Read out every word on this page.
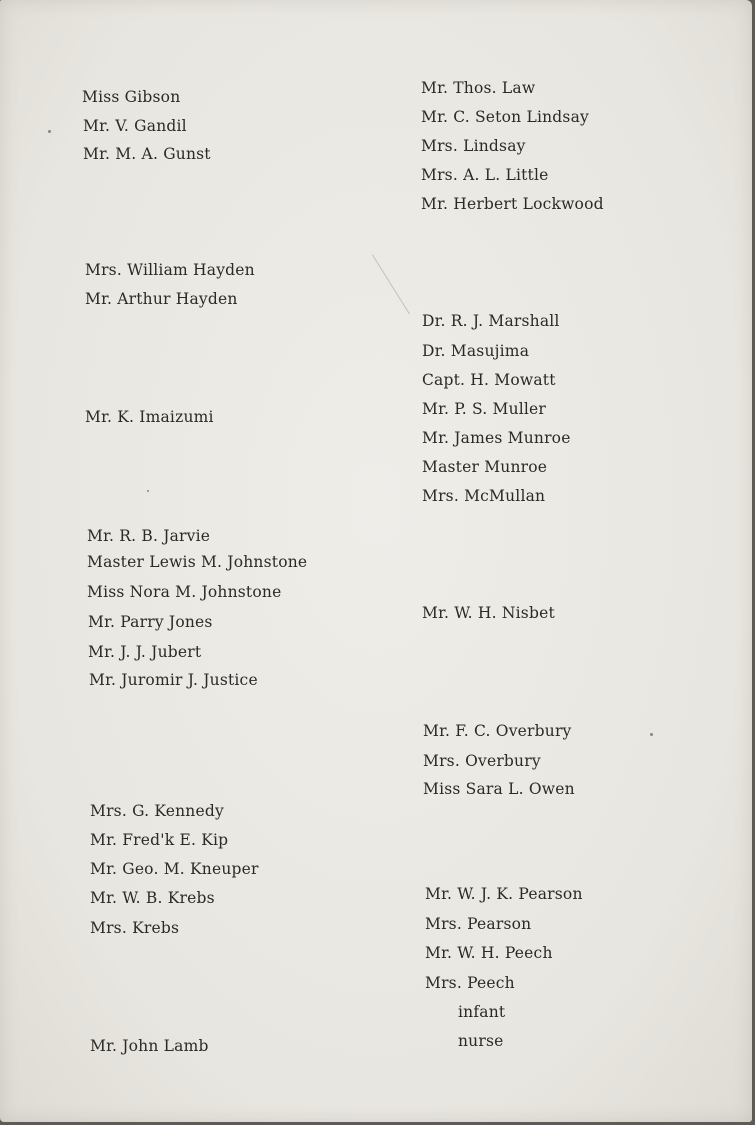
Miss Gibson
Mr. V. Gandil
Mr. M. A. Gunst
Mrs. William Hayden
Mr. Arthur Hayden
Mr. K. Imaizumi
Mr. R. B. Jarvie
Master Lewis M. Johnstone
Miss Nora M. Johnstone
Mr. Parry Jones
Mr. J. J. Jubert
Mr. Juromir J. Justice
Mrs. G. Kennedy
Mr. Fred'k E. Kip
Mr. Geo. M. Kneuper
Mr. W. B. Krebs
Mrs. Krebs
Mr. John Lamb
Mr. Thos. Law
Mr. C. Seton Lindsay
Mrs. Lindsay
Mrs. A. L. Little
Mr. Herbert Lockwood
Dr. R. J. Marshall
Dr. Masujima
Capt. H. Mowatt
Mr. P. S. Muller
Mr. James Munroe
Master Munroe
Mrs. McMullan
Mr. W. H. Nisbet
Mr. F. C. Overbury
Mrs. Overbury
Miss Sara L. Owen
Mr. W. J. K. Pearson
Mrs. Pearson
Mr. W. H. Peech
Mrs. Peech
infant
nurse
